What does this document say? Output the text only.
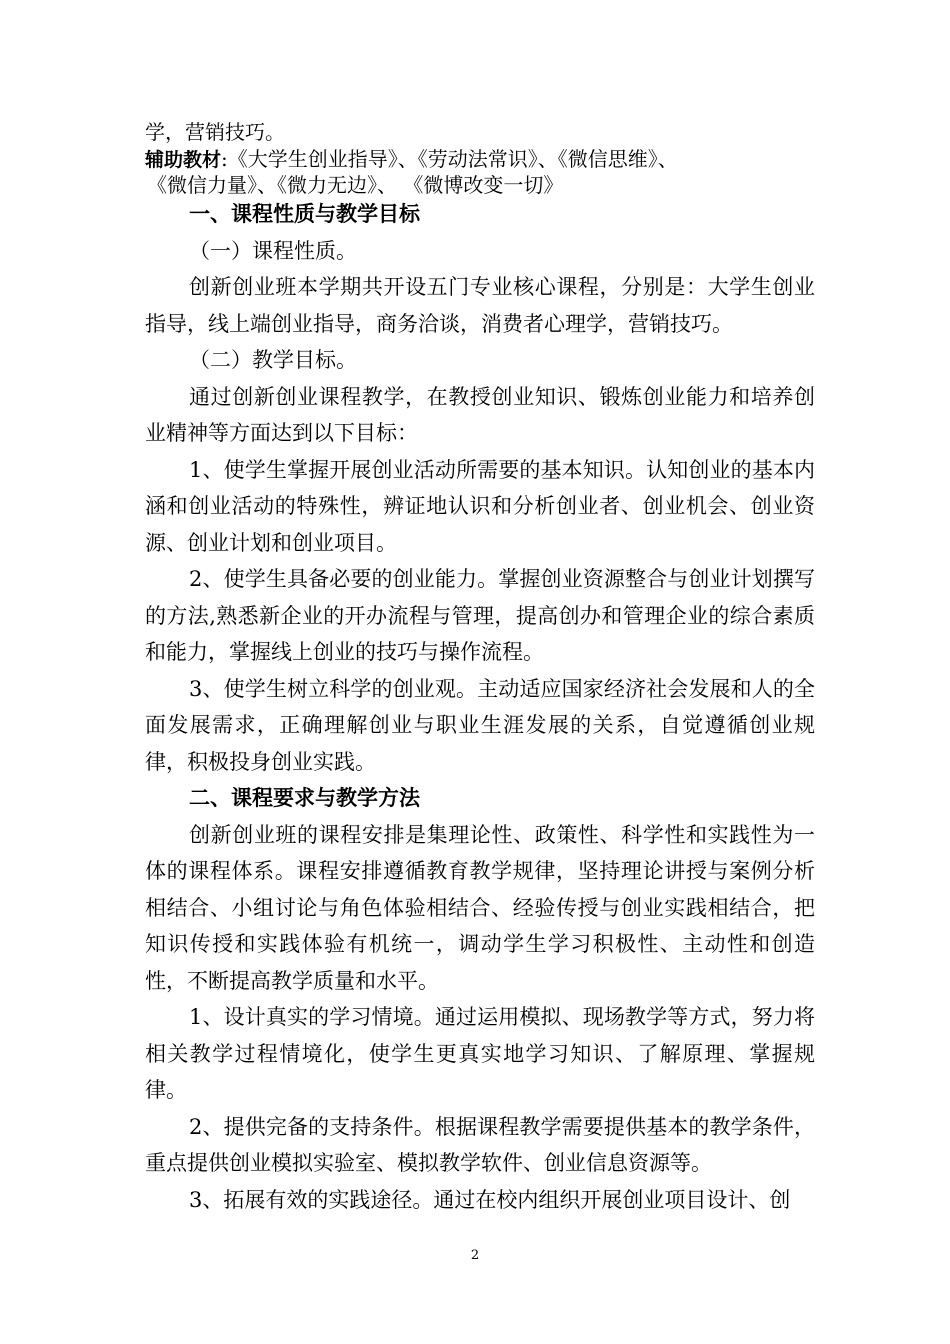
学，营销技巧。
辅助教材:《大学生创业指导》、《劳动法常识》、《微信思维》、
《微信力量》、《微力无边》、 《微博改变一切》
一、课程性质与教学目标

（一）课程性质。

创新创业班本学期共开设五门专业核心课程，分别是：大学生创业指导，线上端创业指导，商务洽谈，消费者心理学，营销技巧。

（二）教学目标。

通过创新创业课程教学，在教授创业知识、锻炼创业能力和培养创业精神等方面达到以下目标：

1、使学生掌握开展创业活动所需要的基本知识。认知创业的基本内涵和创业活动的特殊性，辨证地认识和分析创业者、创业机会、创业资源、创业计划和创业项目。

2、使学生具备必要的创业能力。掌握创业资源整合与创业计划撰写的方法,熟悉新企业的开办流程与管理，提高创办和管理企业的综合素质和能力，掌握线上创业的技巧与操作流程。

3、使学生树立科学的创业观。主动适应国家经济社会发展和人的全面发展需求，正确理解创业与职业生涯发展的关系，自觉遵循创业规律，积极投身创业实践。

二、课程要求与教学方法

创新创业班的课程安排是集理论性、政策性、科学性和实践性为一体的课程体系。课程安排遵循教育教学规律，坚持理论讲授与案例分析相结合、小组讨论与角色体验相结合、经验传授与创业实践相结合，把知识传授和实践体验有机统一，调动学生学习积极性、主动性和创造性，不断提高教学质量和水平。

1、设计真实的学习情境。通过运用模拟、现场教学等方式，努力将相关教学过程情境化，使学生更真实地学习知识、了解原理、掌握规律。

2、提供完备的支持条件。根据课程教学需要提供基本的教学条件，重点提供创业模拟实验室、模拟教学软件、创业信息资源等。

3、拓展有效的实践途径。通过在校内组织开展创业项目设计、创

2
